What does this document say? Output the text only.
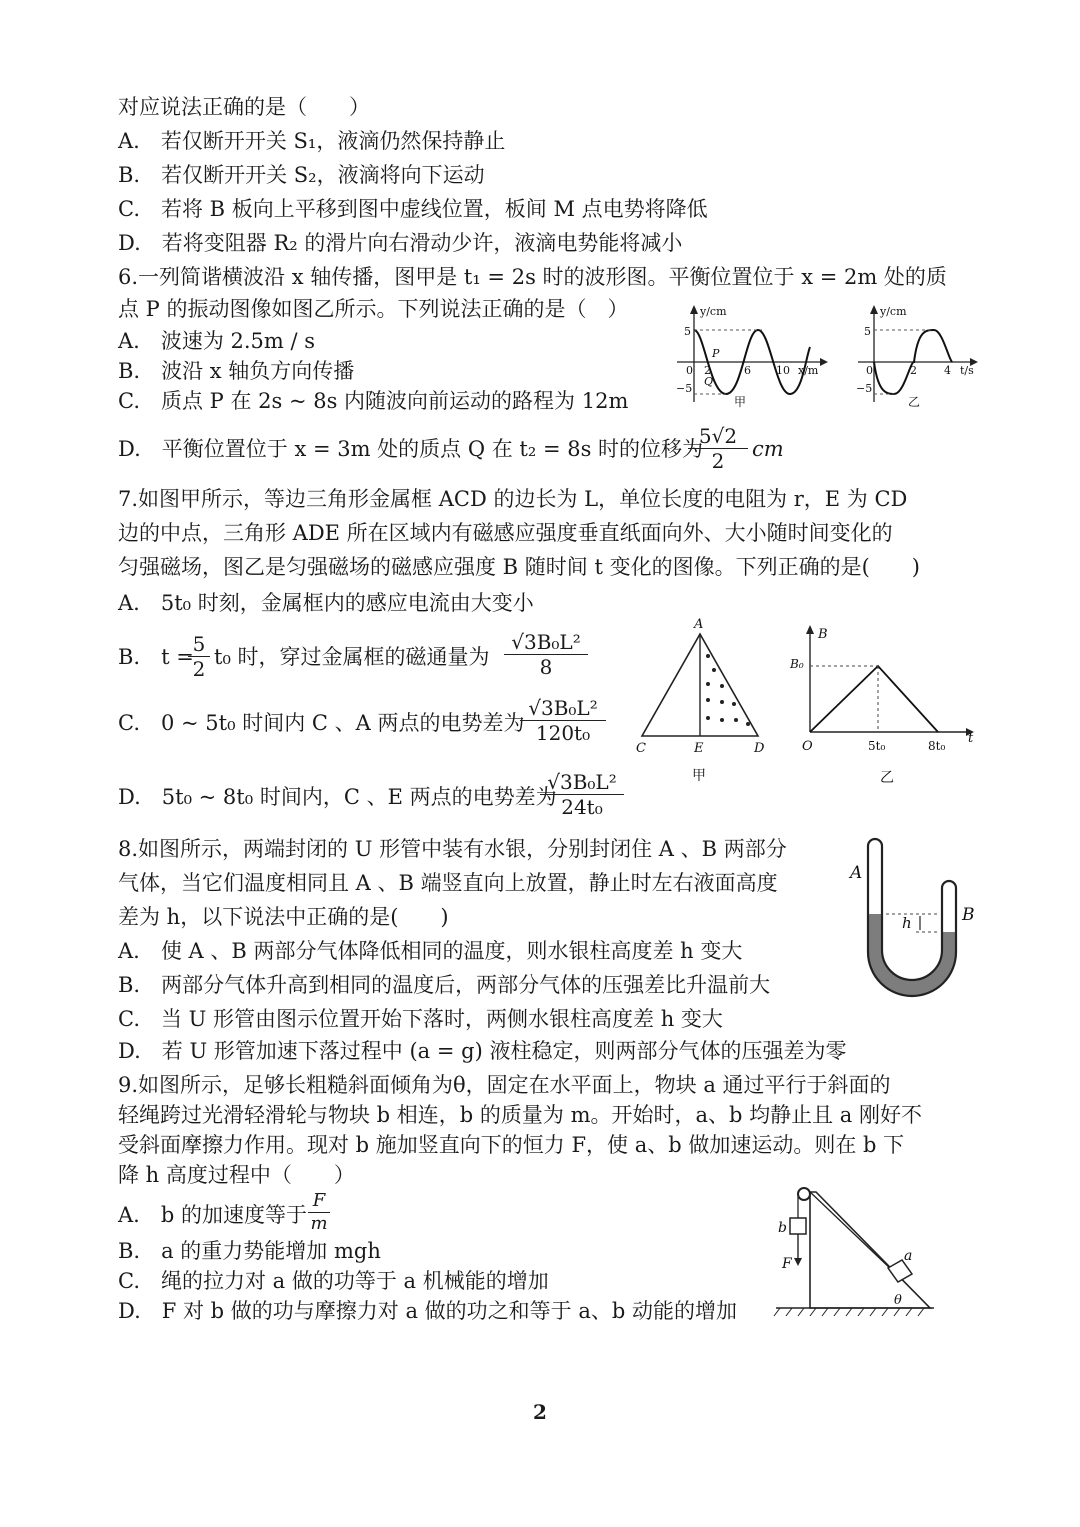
对应说法正确的是（　　）
A.　若仅断开开关 S₁，液滴仍然保持静止
B.　若仅断开开关 S₂，液滴将向下运动
C.　若将 B 板向上平移到图中虚线位置，板间 M 点电势将降低
D.　若将变阻器 R₂ 的滑片向右滑动少许，液滴电势能将减小
6.一列简谐横波沿 x 轴传播，图甲是 t₁ = 2s 时的波形图。平衡位置位于 x = 2m 处的质
点 P 的振动图像如图乙所示。下列说法正确的是（　）
A.　波速为 2.5m / s
B.　波沿 x 轴负方向传播
C.　质点 P 在 2s ~ 8s 内随波向前运动的路程为 12m
D.　平衡位置位于 x = 3m 处的质点 Q 在 t₂ = 8s 时的位移为
$\frac{5√2}{2}$ cm
y/cm
5
−5
0 2	6 10 x/m
P
Q
甲
y/cm
5
−5
0	2 4 t/s
乙
7.如图甲所示，等边三角形金属框 ACD 的边长为 L，单位长度的电阻为 r，E 为 CD
边的中点，三角形 ADE 所在区域内有磁感应强度垂直纸面向外、大小随时间变化的
匀强磁场，图乙是匀强磁场的磁感应强度 B 随时间 t 变化的图像。下列正确的是(　　)
A.　5t₀ 时刻，金属框内的感应电流由大变小
B.　t =
$\frac{5}{2} t_0$ 时，穿过金属框的磁通量为 $\frac{\text{√3B₀L²}}{8}$
C.　0 ~ 5t₀ 时间内 C 、A 两点的电势差为
$\frac{\text{√3B₀L²}}{\text{120t₀}}$
D.　5t₀ ~ 8t₀ 时间内，C 、E 两点的电势差为
$\frac{\text{√3B₀L²}}{\text{24t₀}}$
A
C	E	D
甲
B
B₀
O	5t₀	8t₀ t
乙
8.如图所示，两端封闭的 U 形管中装有水银，分别封闭住 A 、B 两部分
气体，当它们温度相同且 A 、B 端竖直向上放置，静止时左右液面高度
差为 h，以下说法中正确的是(　　)
A.　使 A 、B 两部分气体降低相同的温度，则水银柱高度差 h 变大
B.　两部分气体升高到相同的温度后，两部分气体的压强差比升温前大
C.　当 U 形管由图示位置开始下落时，两侧水银柱高度差 h 变大
D.　若 U 形管加速下落过程中 (a = g) 液柱稳定，则两部分气体的压强差为零
A
B
h
9.如图所示，足够长粗糙斜面倾角为θ，固定在水平面上，物块 a 通过平行于斜面的
轻绳跨过光滑轻滑轮与物块 b 相连，b 的质量为 m。开始时，a、b 均静止且 a 刚好不
受斜面摩擦力作用。现对 b 施加竖直向下的恒力 F，使 a、b 做加速运动。则在 b 下
降 h 高度过程中（　　）
A.　b 的加速度等于 $\frac{F}{m}$
B.　a 的重力势能增加 mgh
C.　绳的拉力对 a 做的功等于 a 机械能的增加
D.　F 对 b 做的功与摩擦力对 a 做的功之和等于 a、b 动能的增加
b
F	a
θ
2
